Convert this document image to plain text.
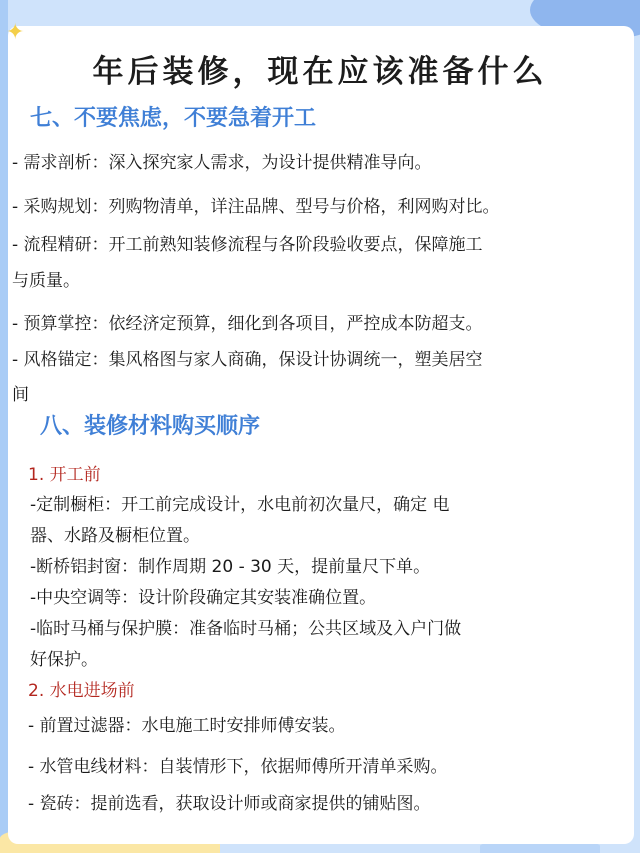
✦
年后装修，现在应该准备什么
七、不要焦虑，不要急着开工

- 需求剖析：深入探究家人需求，为设计提供精准导向。

- 采购规划：列购物清单，详注品牌、型号与价格，利网购对比。

- 流程精研：开工前熟知装修流程与各阶段验收要点，保障施工

与质量。

- 预算掌控：依经济定预算，细化到各项目，严控成本防超支。

- 风格锚定：集风格图与家人商确，保设计协调统一，塑美居空

间

八、装修材料购买顺序

1. 开工前

-定制橱柜：开工前完成设计，水电前初次量尺，确定 电

器、水路及橱柜位置。

-断桥铝封窗：制作周期 20 - 30 天，提前量尺下单。

-中央空调等：设计阶段确定其安装准确位置。

-临时马桶与保护膜：准备临时马桶；公共区域及入户门做

好保护。

2. 水电进场前

- 前置过滤器：水电施工时安排师傅安装。

- 水管电线材料：自装情形下，依据师傅所开清单采购。

- 瓷砖：提前选看，获取设计师或商家提供的铺贴图。
